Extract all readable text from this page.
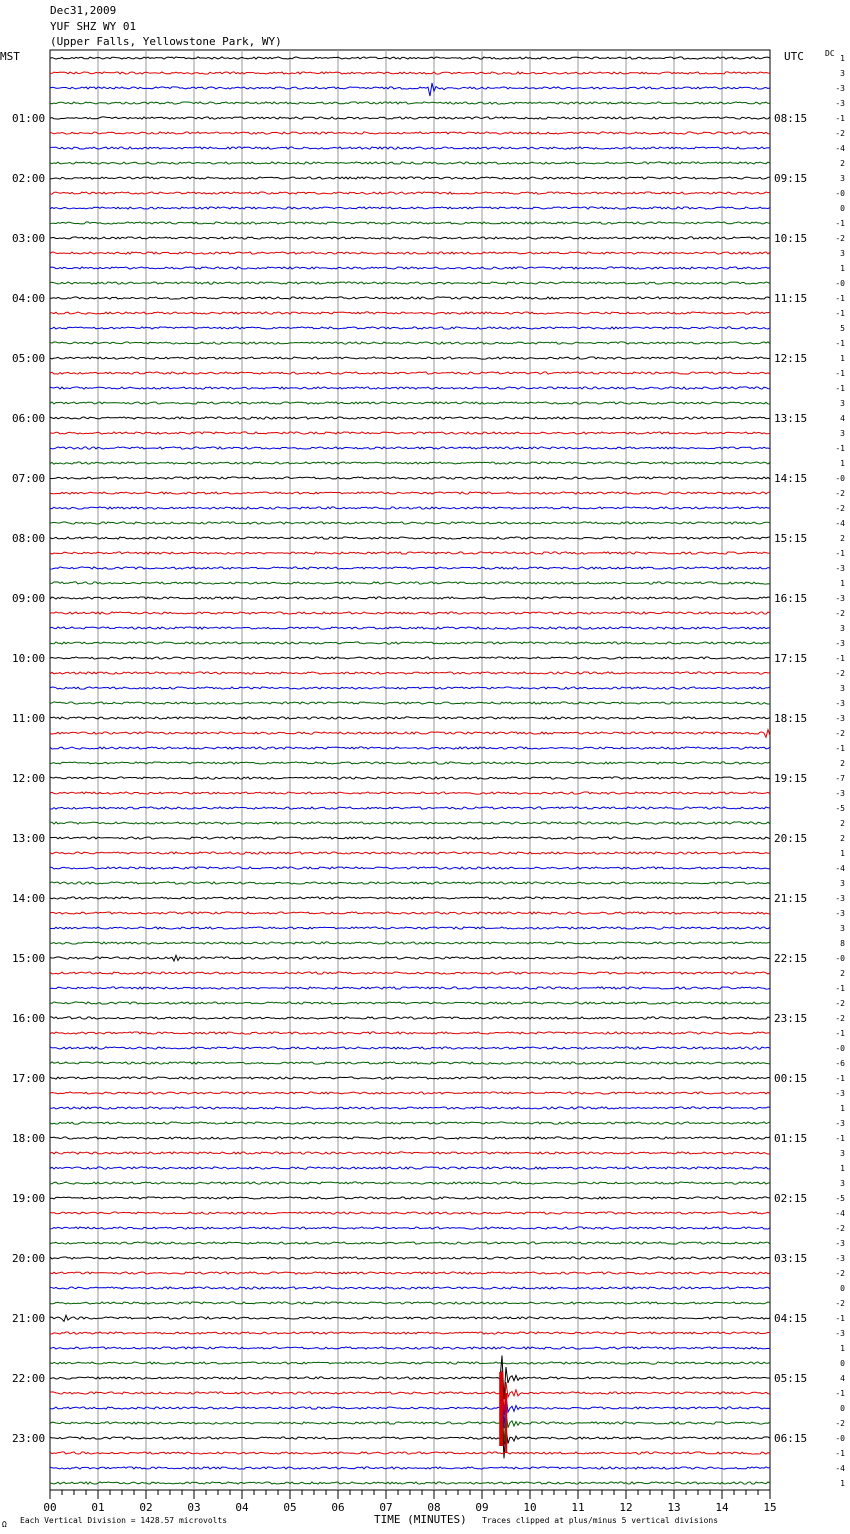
Dec31,2009
YUF SHZ WY 01
(Upper Falls, Yellowstone Park, WY)
01:00
02:00
03:00
04:00
05:00
06:00
07:00
08:00
09:00
10:00
11:00
12:00
13:00
14:00
15:00
16:00
17:00
18:00
19:00
20:00
21:00
22:00
23:00
08:15
09:15
10:15
11:15
12:15
13:15
14:15
15:15
16:15
17:15
18:15
19:15
20:15
21:15
22:15
23:15
00:15
01:15
02:15
03:15
04:15
05:15
06:15
1
3
-3
-3
-1
-2
-4
2
3
-0
0
-1
-2
3
1
-0
-1
-1
5
-1
1
-1
-1
3
4
3
-1
1
-0
-2
-2
-4
2
-1
-3
1
-3
-2
3
-3
-1
-2
3
-3
-3
-2
-1
2
-7
-3
-5
2
2
1
-4
3
-3
-3
3
8
-0
2
-1
-2
-2
-1
-0
-6
-1
-3
1
-3
-1
3
1
3
-5
-4
-2
-3
-3
-2
0
-2
-1
-3
1
0
4
-1
0
-2
-0
-1
-4
1
00	01	02	03	04	05	06	07	08	09	10	11	12	13	14	15
MST	UTC	DC
Ω Each Vertical Division = 1428.57 microvolts	TIME (MINUTES) Traces clipped at plus/minus 5 vertical divisions
